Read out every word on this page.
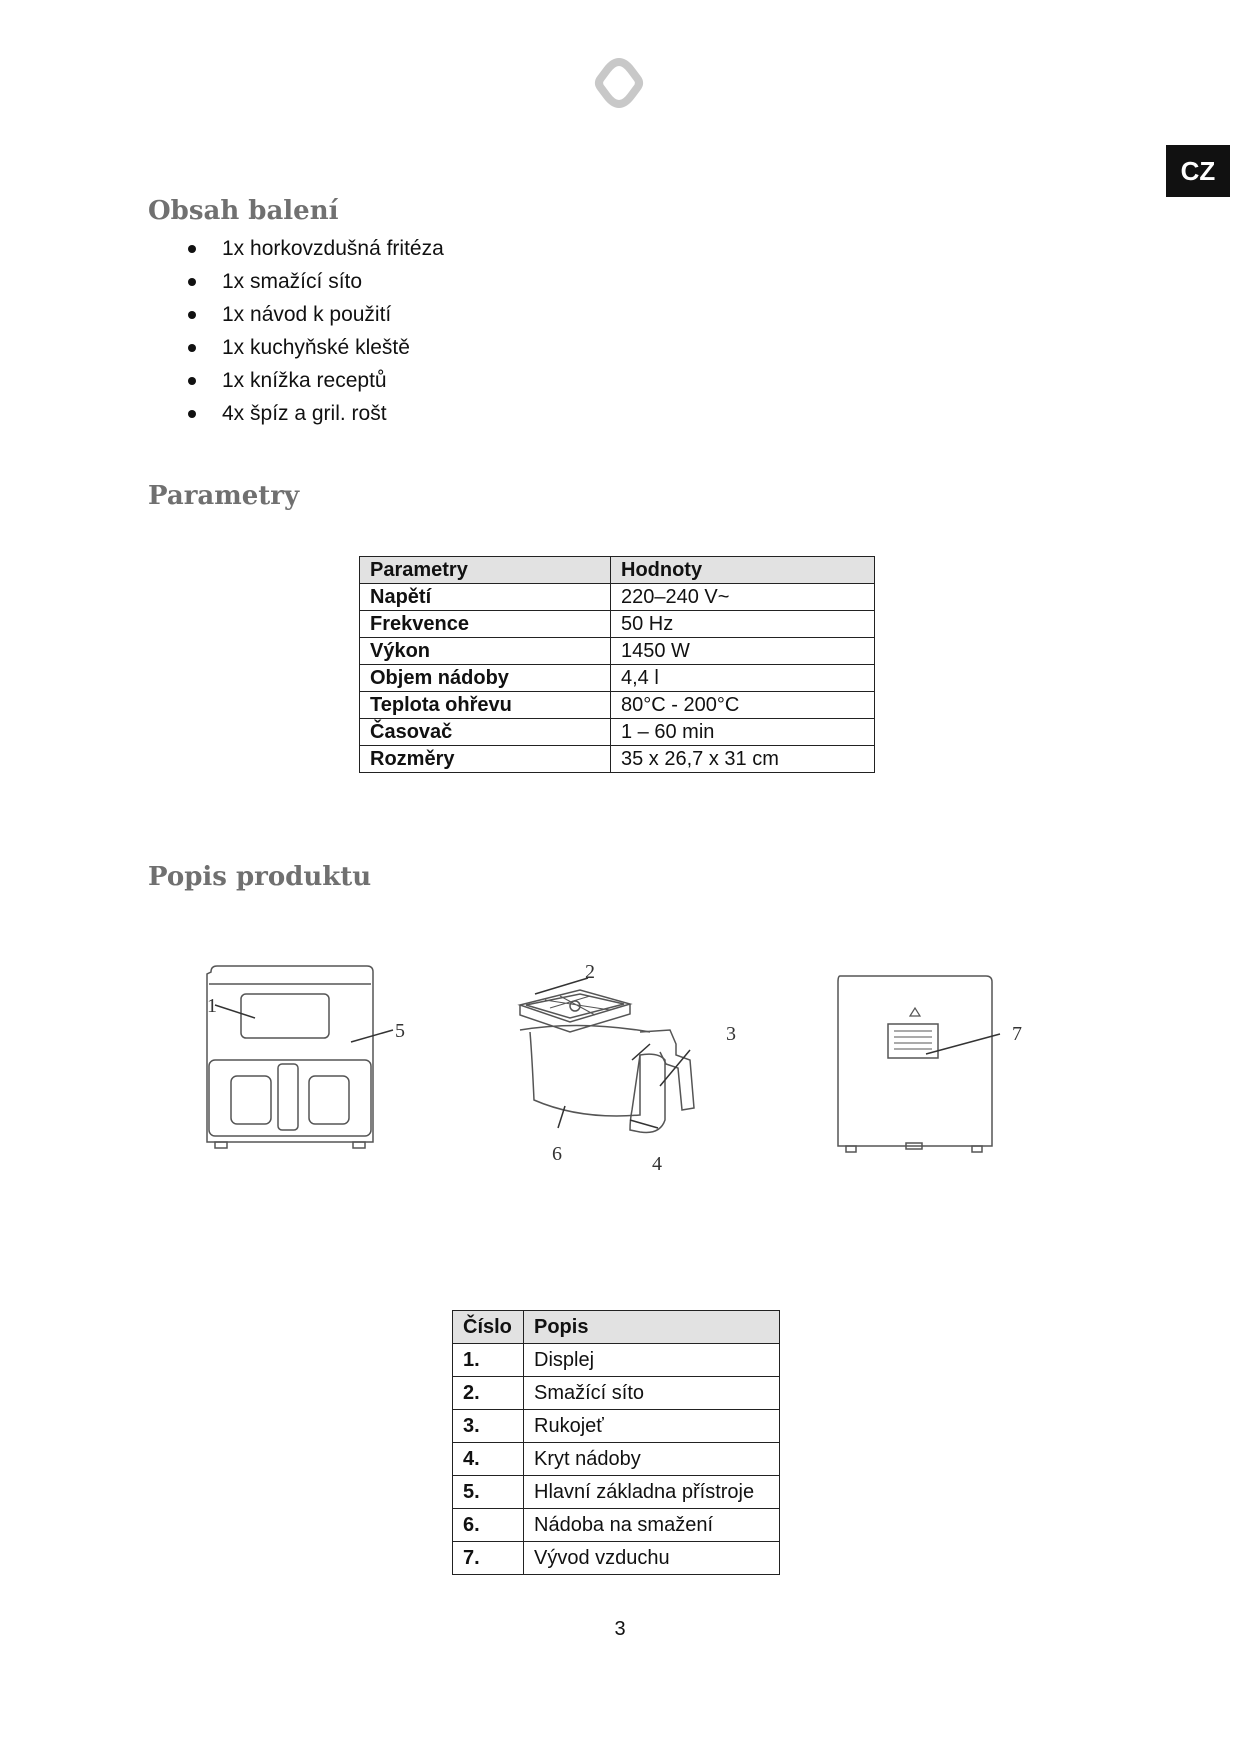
CZ
Obsah balení
1x horkovzdušná fritéza
1x smažící síto
1x návod k použití
1x kuchyňské kleště
1x knížka receptů
4x špíz a gril. rošt
Parametry
Parametry	Hodnoty
Napětí	220–240 V~
Frekvence	50 Hz
Výkon	1450 W
Objem nádoby	4,4 l
Teplota ohřevu	80°C - 200°C
Časovač	1 – 60 min
Rozměry	35 x 26,7 x 31 cm
Popis produktu
1
5
2
3
4
6
7
Číslo	Popis
1.	Displej
2.	Smažící síto
3.	Rukojeť
4.	Kryt nádoby
5.	Hlavní základna přístroje
6.	Nádoba na smažení
7.	Vývod vzduchu
3
